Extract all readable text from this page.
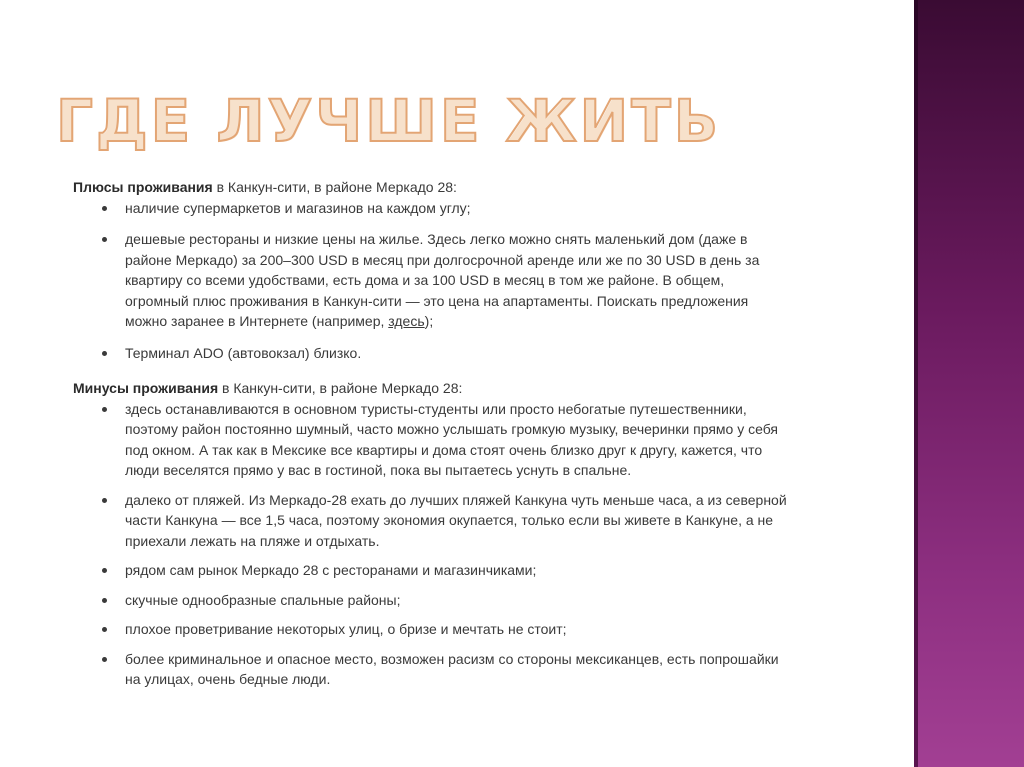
ГДЕ ЛУЧШЕ ЖИТЬ

Плюсы проживания в Канкун-сити, в районе Меркадо 28:

наличие супермаркетов и магазинов на каждом углу;
дешевые рестораны и низкие цены на жилье. Здесь легко можно снять маленький дом (даже в районе Меркадо) за 200–300 USD в месяц при долгосрочной аренде или же по 30 USD в день за квартиру со всеми удобствами, есть дома и за 100 USD в месяц в том же районе. В общем, огромный плюс проживания в Канкун-сити — это цена на апартаменты. Поискать предложения можно заранее в Интернете (например, здесь);
Терминал ADO (автовокзал) близко.

Минусы проживания в Канкун-сити, в районе Меркадо 28:

здесь останавливаются в основном туристы-студенты или просто небогатые путешественники, поэтому район постоянно шумный, часто можно услышать громкую музыку, вечеринки прямо у себя под окном. А так как в Мексике все квартиры и дома стоят очень близко друг к другу, кажется, что люди веселятся прямо у вас в гостиной, пока вы пытаетесь уснуть в спальне.
далеко от пляжей. Из Меркадо-28 ехать до лучших пляжей Канкуна чуть меньше часа, а из северной части Канкуна — все 1,5 часа, поэтому экономия окупается, только если вы живете в Канкуне, а не приехали лежать на пляже и отдыхать.
рядом сам рынок Меркадо 28 с ресторанами и магазинчиками;
скучные однообразные спальные районы;
плохое проветривание некоторых улиц, о бризе и мечтать не стоит;
более криминальное и опасное место, возможен расизм со стороны мексиканцев, есть попрошайки на улицах, очень бедные люди.
